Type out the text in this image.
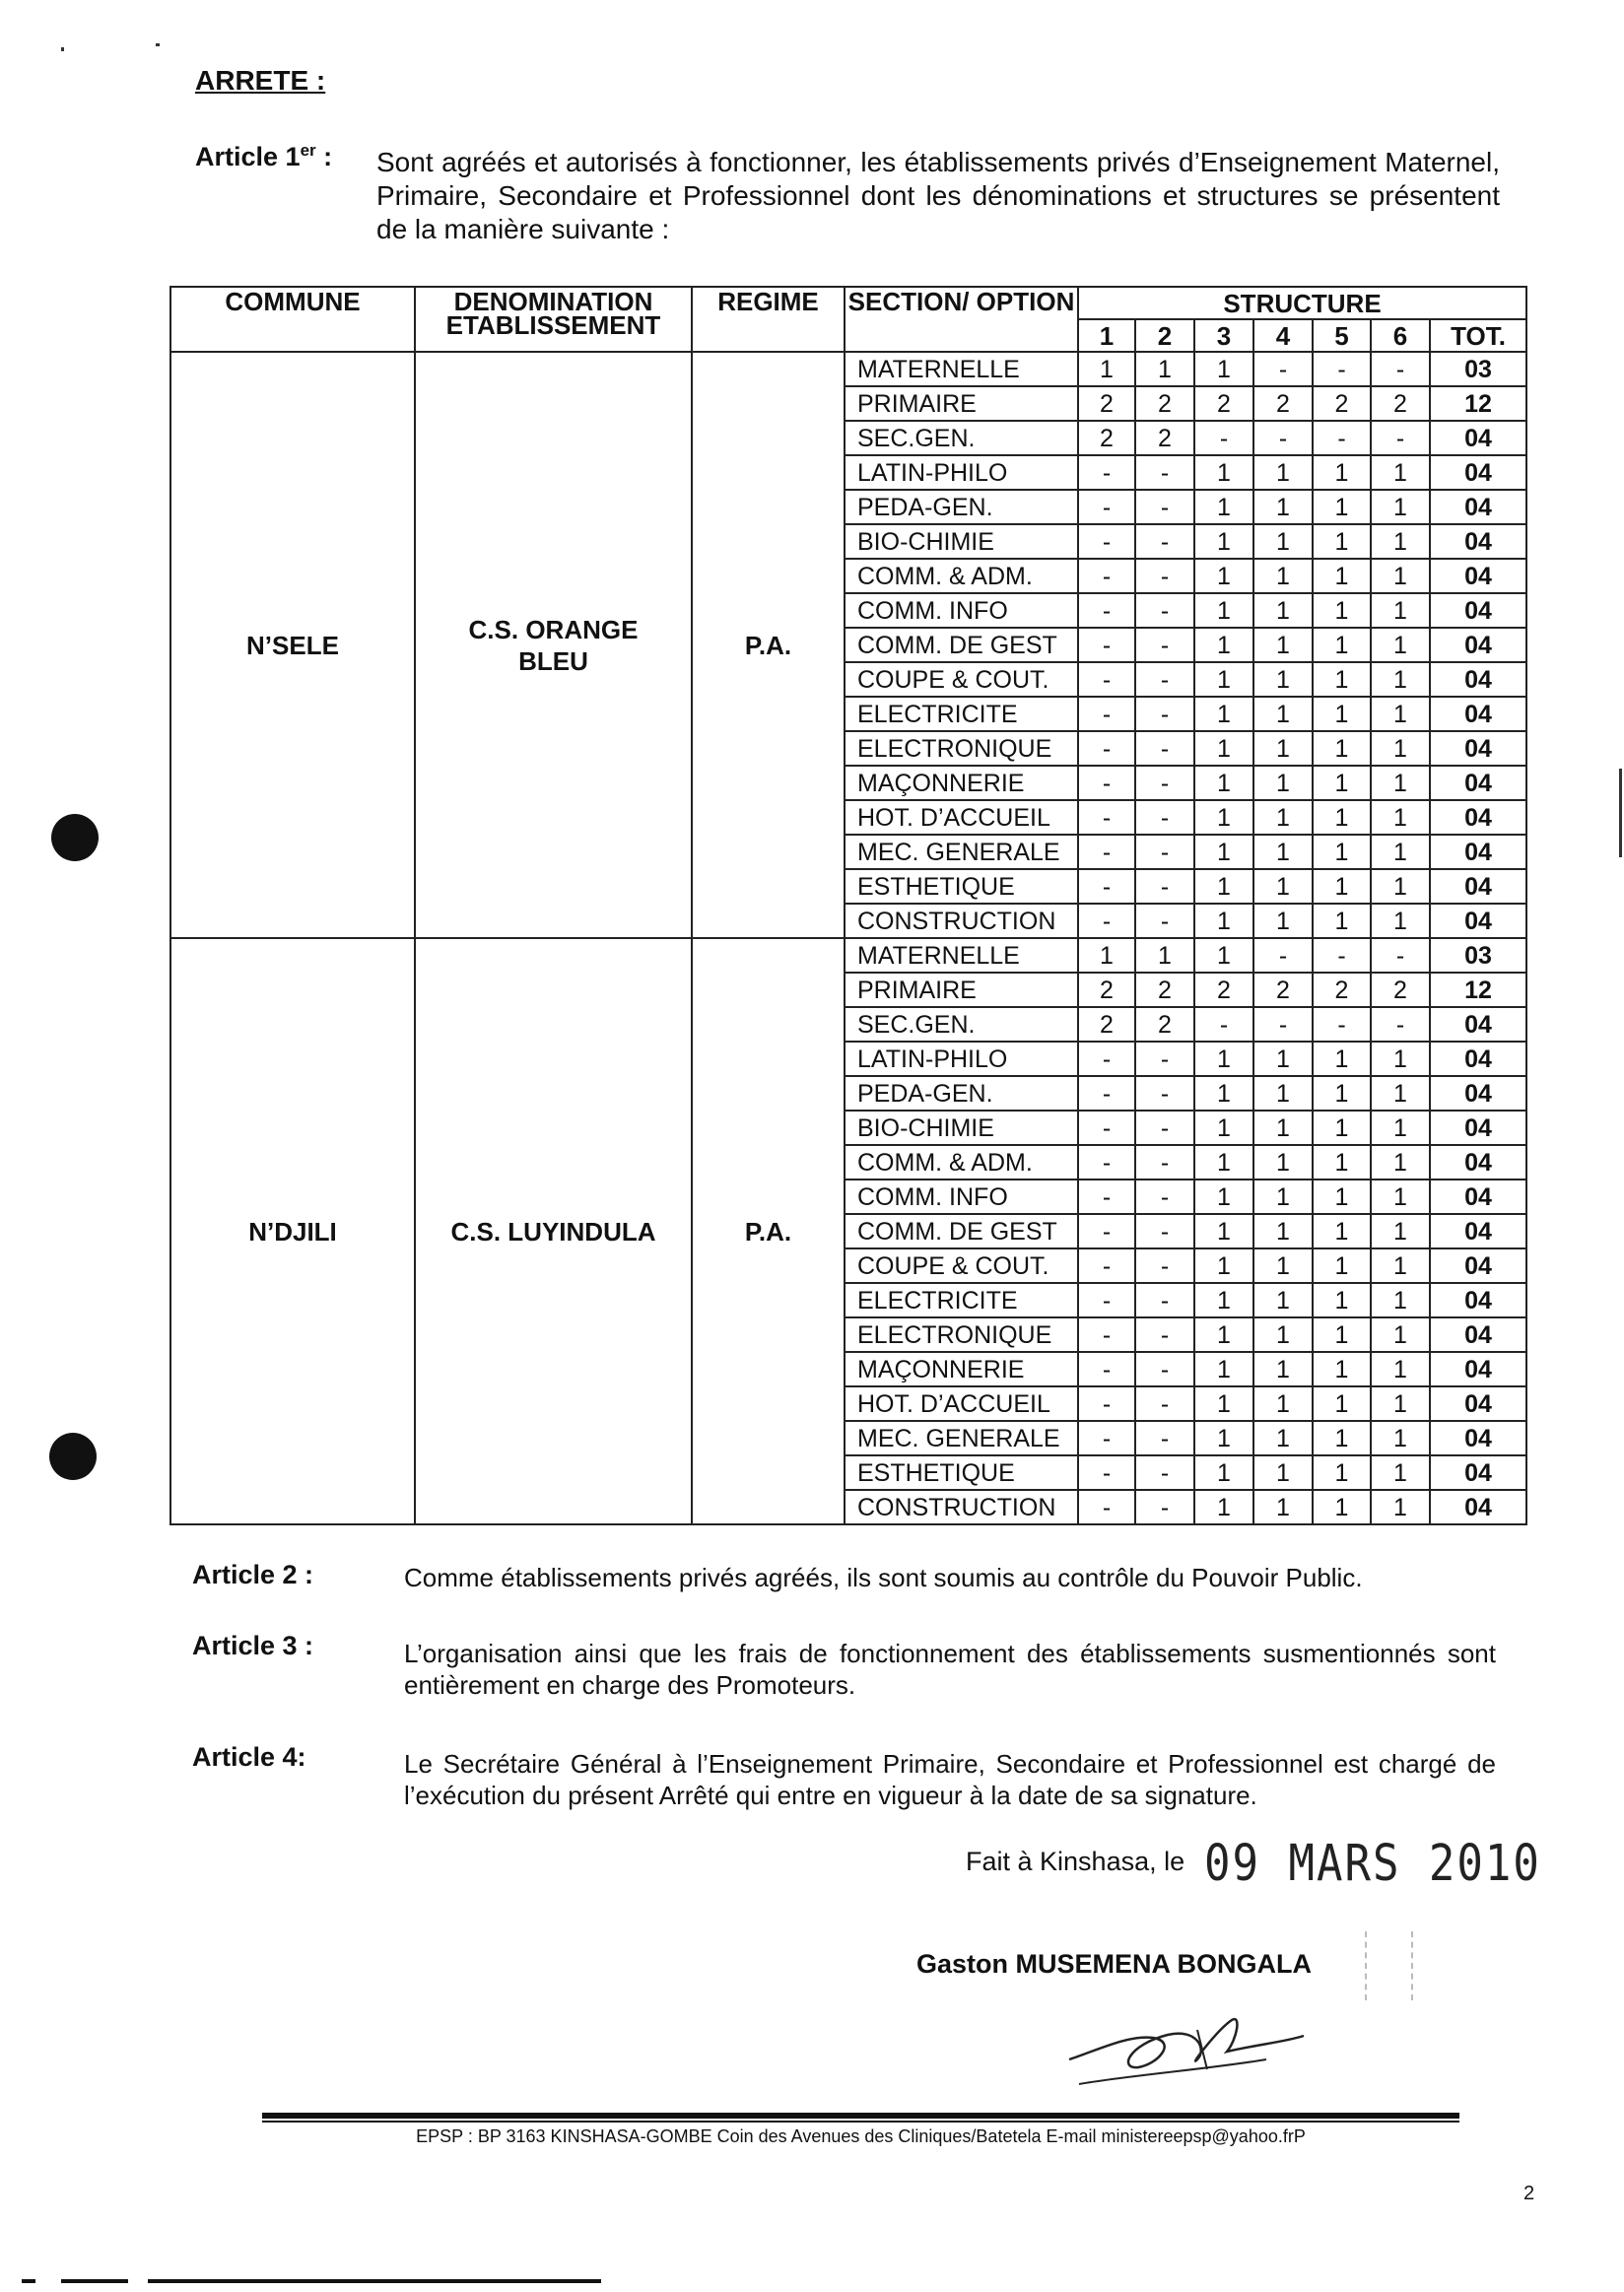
ARRETE :
Article 1er : Sont agréés et autorisés à fonctionner, les établissements privés d’Enseignement Maternel, Primaire, Secondaire et Professionnel dont les dénominations et structures se présentent de la manière suivante :
COMMUNE	DENOMINATION ETABLISSEMENT	REGIME	SECTION/ OPTION	STRUCTURE						
				1	2	3	4	5	6	TOT.
N’SELE	C.S. ORANGE BLEU	P.A.	MATERNELLE	1	1	1	-	-	-	03
			PRIMAIRE	2	2	2	2	2	2	12
			SEC.GEN.	2	2	-	-	-	-	04
			LATIN-PHILO	-	-	1	1	1	1	04
			PEDA-GEN.	-	-	1	1	1	1	04
			BIO-CHIMIE	-	-	1	1	1	1	04
			COMM. & ADM.	-	-	1	1	1	1	04
			COMM. INFO	-	-	1	1	1	1	04
			COMM. DE GEST	-	-	1	1	1	1	04
			COUPE & COUT.	-	-	1	1	1	1	04
			ELECTRICITE	-	-	1	1	1	1	04
			ELECTRONIQUE	-	-	1	1	1	1	04
			MAÇONNERIE	-	-	1	1	1	1	04
			HOT. D’ACCUEIL	-	-	1	1	1	1	04
			MEC. GENERALE	-	-	1	1	1	1	04
			ESTHETIQUE	-	-	1	1	1	1	04
			CONSTRUCTION	-	-	1	1	1	1	04
N’DJILI	C.S. LUYINDULA	P.A.	MATERNELLE	1	1	1	-	-	-	03
			PRIMAIRE	2	2	2	2	2	2	12
			SEC.GEN.	2	2	-	-	-	-	04
			LATIN-PHILO	-	-	1	1	1	1	04
			PEDA-GEN.	-	-	1	1	1	1	04
			BIO-CHIMIE	-	-	1	1	1	1	04
			COMM. & ADM.	-	-	1	1	1	1	04
			COMM. INFO	-	-	1	1	1	1	04
			COMM. DE GEST	-	-	1	1	1	1	04
			COUPE & COUT.	-	-	1	1	1	1	04
			ELECTRICITE	-	-	1	1	1	1	04
			ELECTRONIQUE	-	-	1	1	1	1	04
			MAÇONNERIE	-	-	1	1	1	1	04
			HOT. D’ACCUEIL	-	-	1	1	1	1	04
			MEC. GENERALE	-	-	1	1	1	1	04
			ESTHETIQUE	-	-	1	1	1	1	04
			CONSTRUCTION	-	-	1	1	1	1	04
Article 2 :	Comme établissements privés agréés, ils sont soumis au contrôle du Pouvoir Public.
Article 3 :	L’organisation ainsi que les frais de fonctionnement des établissements susmentionnés sont entièrement en charge des Promoteurs.
Article 4:	Le Secrétaire Général à l’Enseignement Primaire, Secondaire et Professionnel est chargé de l’exécution du présent Arrêté qui entre en vigueur à la date de sa signature.
Fait à Kinshasa, le 09 MARS 2010
Gaston MUSEMENA BONGALA
EPSP : BP 3163 KINSHASA-GOMBE Coin des Avenues des Cliniques/Batetela E-mail ministereepsp@yahoo.frP
2
